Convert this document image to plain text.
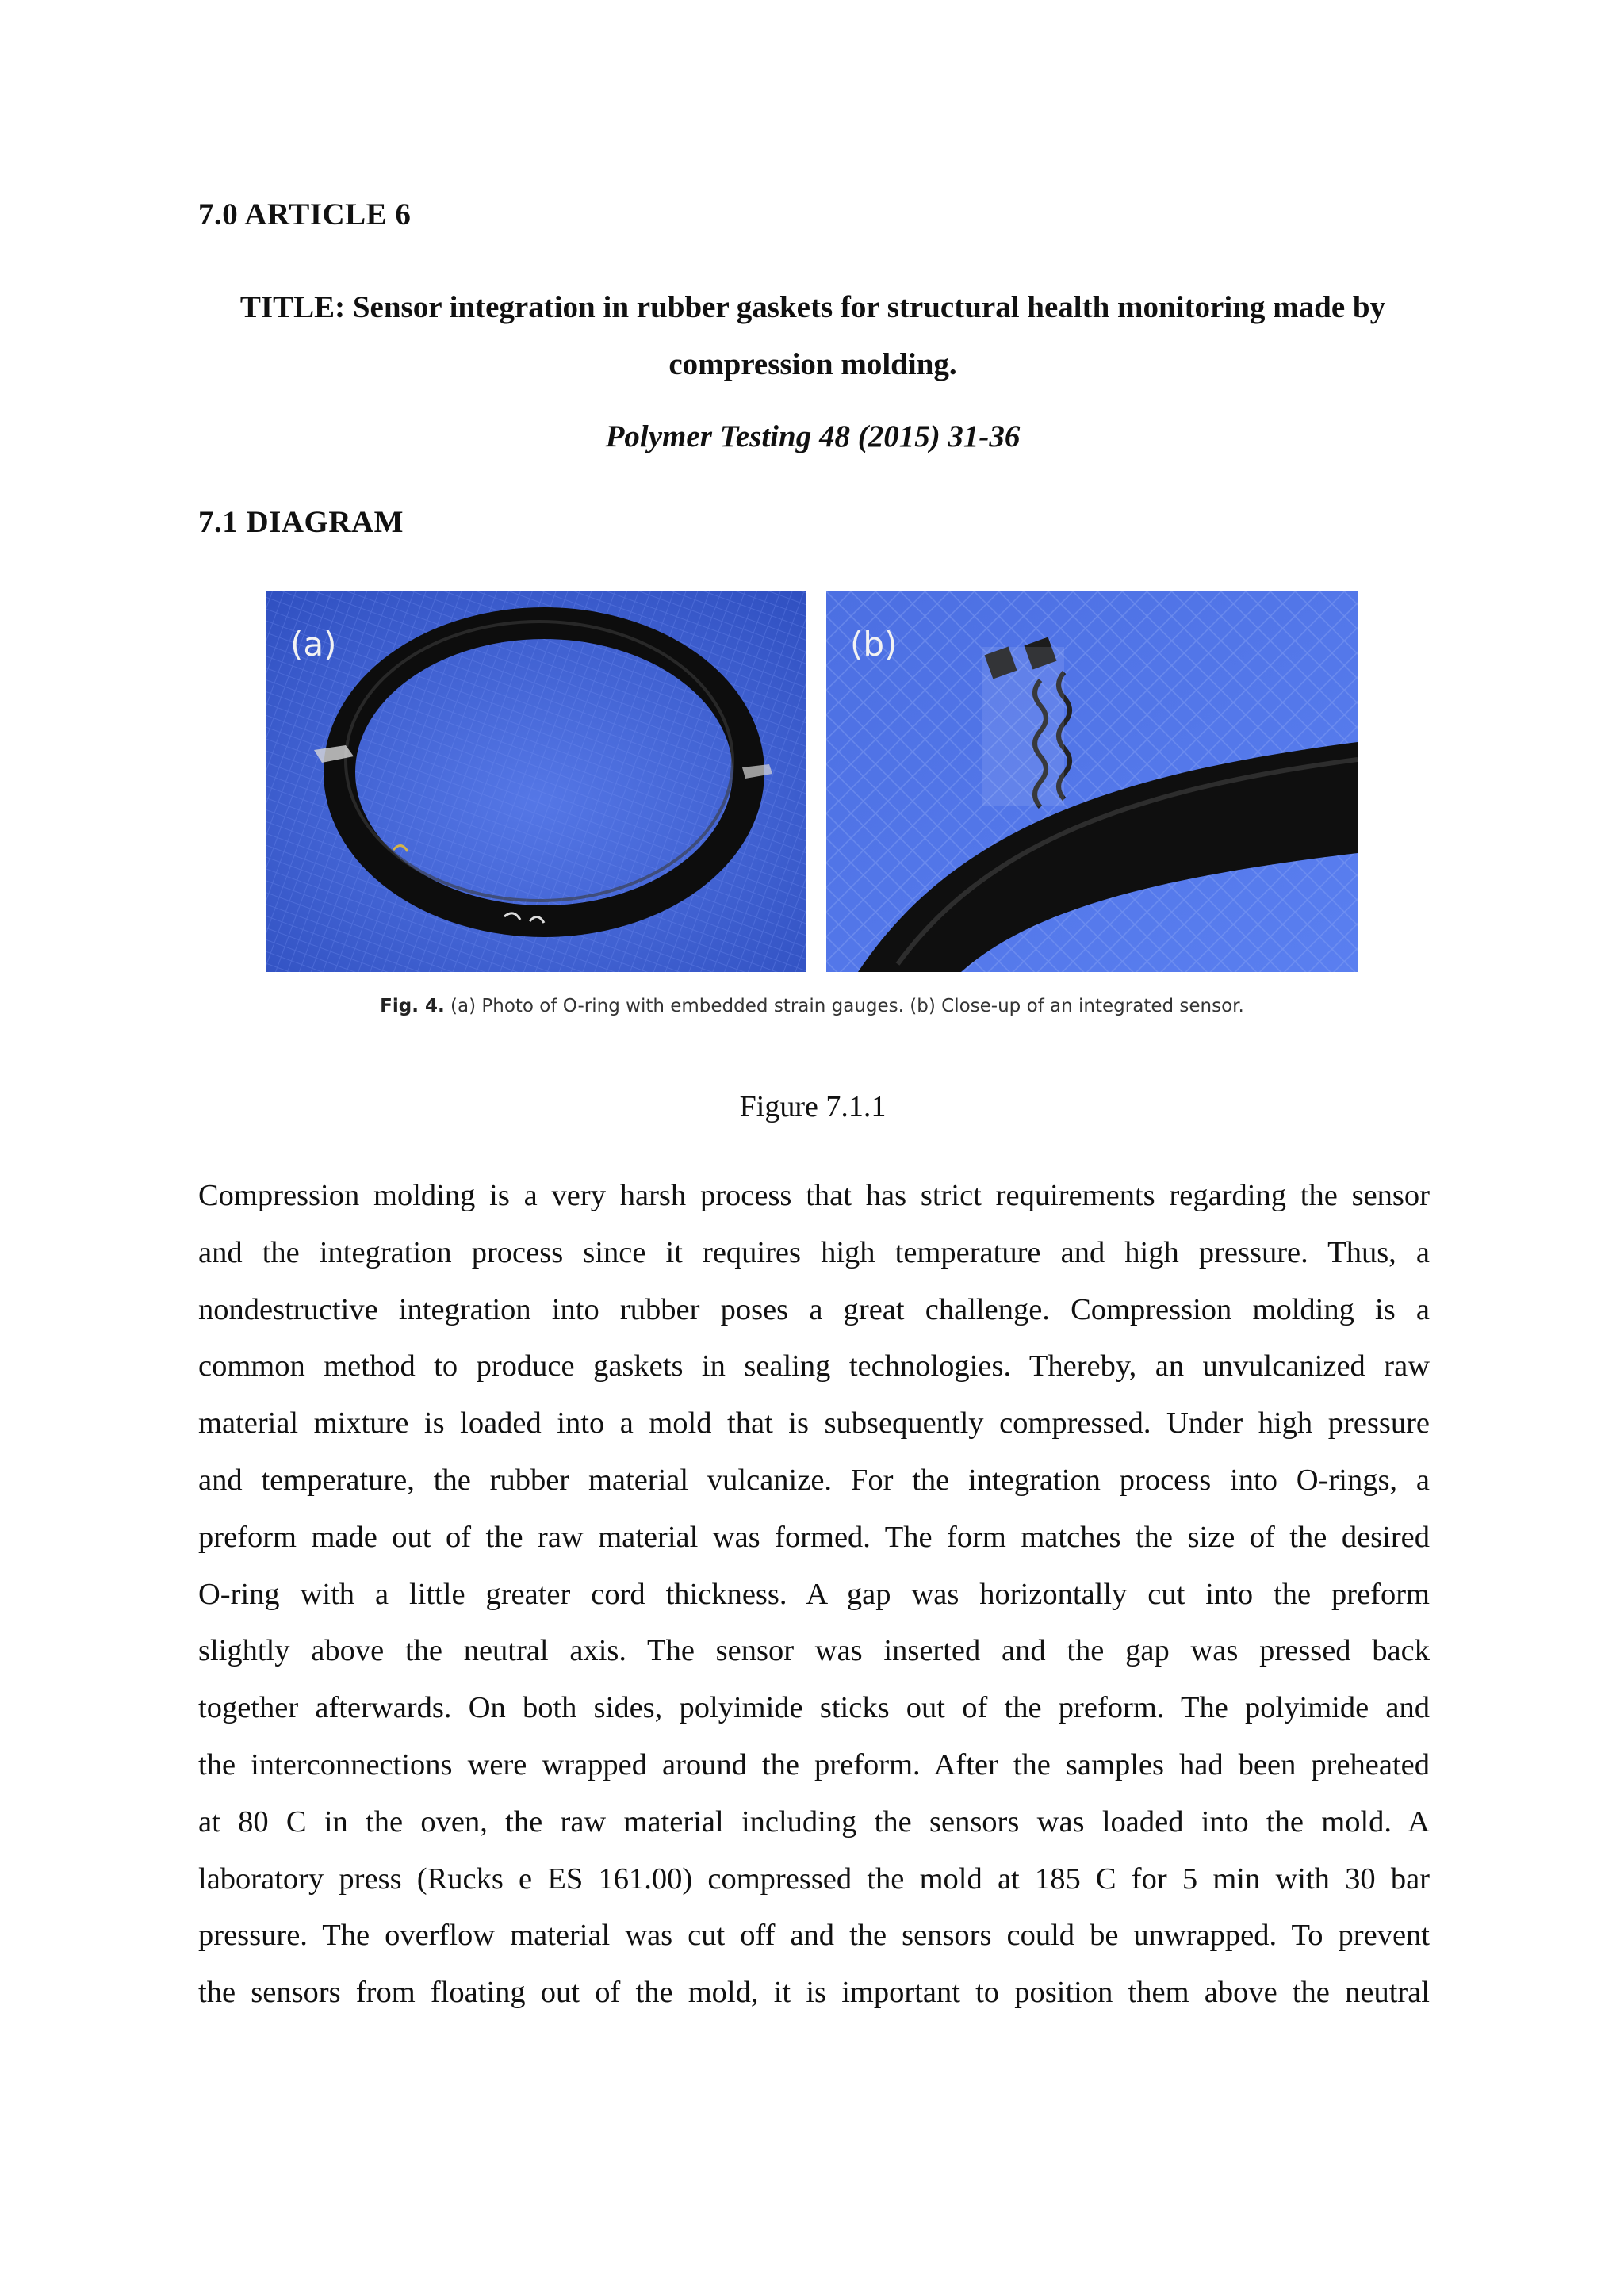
7.0 ARTICLE 6
TITLE: Sensor integration in rubber gaskets for structural health monitoring made by
compression molding.
Polymer Testing 48 (2015) 31-36
7.1 DIAGRAM
(a)	(b)
Fig. 4. (a) Photo of O-ring with embedded strain gauges. (b) Close-up of an integrated sensor.
Figure 7.1.1
Compression molding is a very harsh process that has strict requirements regarding the sensor
and the integration process since it requires high temperature and high pressure. Thus, a
nondestructive integration into rubber poses a great challenge. Compression molding is a
common method to produce gaskets in sealing technologies. Thereby, an unvulcanized raw
material mixture is loaded into a mold that is subsequently compressed. Under high pressure
and temperature, the rubber material vulcanize. For the integration process into O-rings, a
preform made out of the raw material was formed. The form matches the size of the desired
O-ring with a little greater cord thickness. A gap was horizontally cut into the preform
slightly above the neutral axis. The sensor was inserted and the gap was pressed back
together afterwards. On both sides, polyimide sticks out of the preform. The polyimide and
the interconnections were wrapped around the preform. After the samples had been preheated
at 80 C in the oven, the raw material including the sensors was loaded into the mold. A
laboratory press (Rucks e ES 161.00) compressed the mold at 185 C for 5 min with 30 bar
pressure. The overflow material was cut off and the sensors could be unwrapped. To prevent
the sensors from floating out of the mold, it is important to position them above the neutral
